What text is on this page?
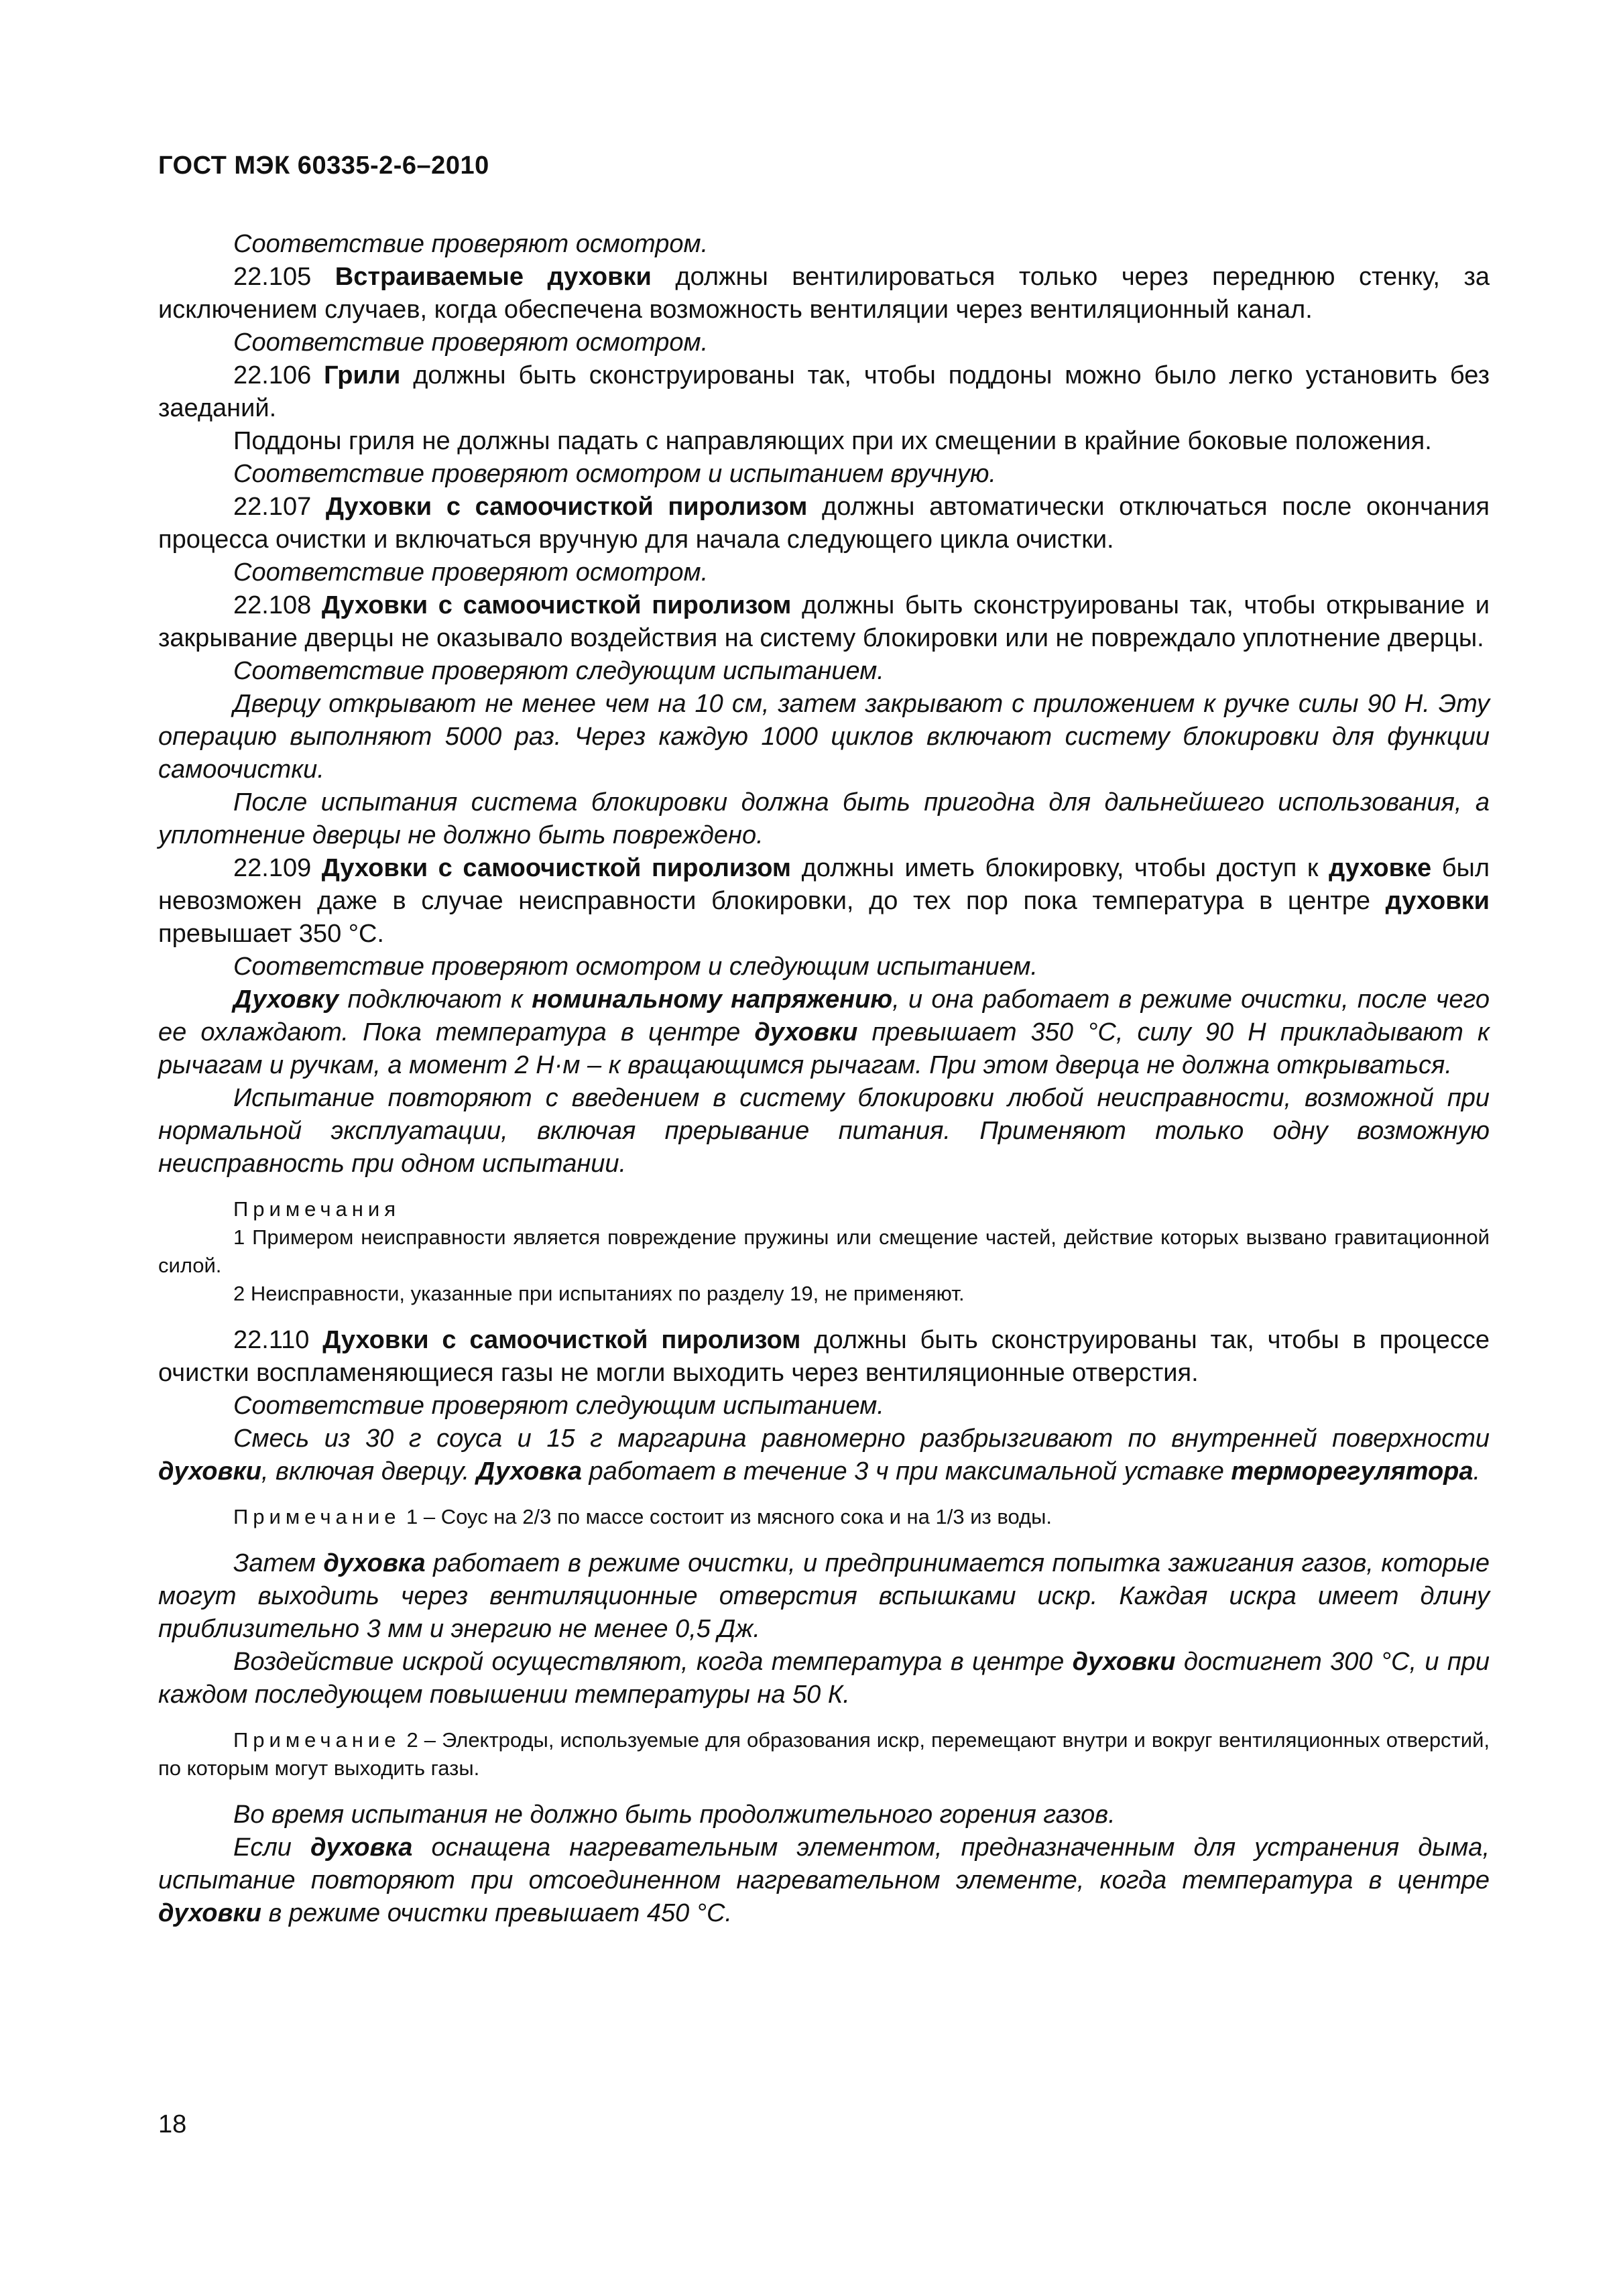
ГОСТ МЭК 60335-2-6–2010

Соответствие проверяют осмотром.

22.105 Встраиваемые духовки должны вентилироваться только через переднюю стенку, за исключением случаев, когда обеспечена возможность вентиляции через вентиляционный канал.

Соответствие проверяют осмотром.

22.106 Грили должны быть сконструированы так, чтобы поддоны можно было легко установить без заеданий.

Поддоны гриля не должны падать с направляющих при их смещении в крайние боковые положения.

Соответствие проверяют осмотром и испытанием вручную.

22.107 Духовки с самоочисткой пиролизом должны автоматически отключаться после окончания процесса очистки и включаться вручную для начала следующего цикла очистки.

Соответствие проверяют осмотром.

22.108 Духовки с самоочисткой пиролизом должны быть сконструированы так, чтобы открывание и закрывание дверцы не оказывало воздействия на систему блокировки или не повреждало уплотнение дверцы.

Соответствие проверяют следующим испытанием.

Дверцу открывают не менее чем на 10 см, затем закрывают с приложением к ручке силы 90 Н. Эту операцию выполняют 5000 раз. Через каждую 1000 циклов включают систему блокировки для функции самоочистки.

После испытания система блокировки должна быть пригодна для дальнейшего использования, а уплотнение дверцы не должно быть повреждено.

22.109 Духовки с самоочисткой пиролизом должны иметь блокировку, чтобы доступ к духовке был невозможен даже в случае неисправности блокировки, до тех пор пока температура в центре духовки превышает 350 °С.

Соответствие проверяют осмотром и следующим испытанием.

Духовку подключают к номинальному напряжению, и она работает в режиме очистки, после чего ее охлаждают. Пока температура в центре духовки превышает 350 °С, силу 90 Н прикладывают к рычагам и ручкам, а момент 2 Н·м – к вращающимся рычагам. При этом дверца не должна открываться.

Испытание повторяют с введением в систему блокировки любой неисправности, возможной при нормальной эксплуатации, включая прерывание питания. Применяют только одну возможную неисправность при одном испытании.

Примечания

1 Примером неисправности является повреждение пружины или смещение частей, действие которых вызвано гравитационной силой.

2 Неисправности, указанные при испытаниях по разделу 19, не применяют.

22.110 Духовки с самоочисткой пиролизом должны быть сконструированы так, чтобы в процессе очистки воспламеняющиеся газы не могли выходить через вентиляционные отверстия.

Соответствие проверяют следующим испытанием.

Смесь из 30 г соуса и 15 г маргарина равномерно разбрызгивают по внутренней поверхности духовки, включая дверцу. Духовка работает в течение 3 ч при максимальной уставке терморегулятора.

Примечание 1 – Соус на 2/3 по массе состоит из мясного сока и на 1/3 из воды.

Затем духовка работает в режиме очистки, и предпринимается попытка зажигания газов, которые могут выходить через вентиляционные отверстия вспышками искр. Каждая искра имеет длину приблизительно 3 мм и энергию не менее 0,5 Дж.

Воздействие искрой осуществляют, когда температура в центре духовки достигнет 300 °С, и при каждом последующем повышении температуры на 50 К.

Примечание 2 – Электроды, используемые для образования искр, перемещают внутри и вокруг вентиляционных отверстий, по которым могут выходить газы.

Во время испытания не должно быть продолжительного горения газов.

Если духовка оснащена нагревательным элементом, предназначенным для устранения дыма, испытание повторяют при отсоединенном нагревательном элементе, когда температура в центре духовки в режиме очистки превышает 450 °С.

18
